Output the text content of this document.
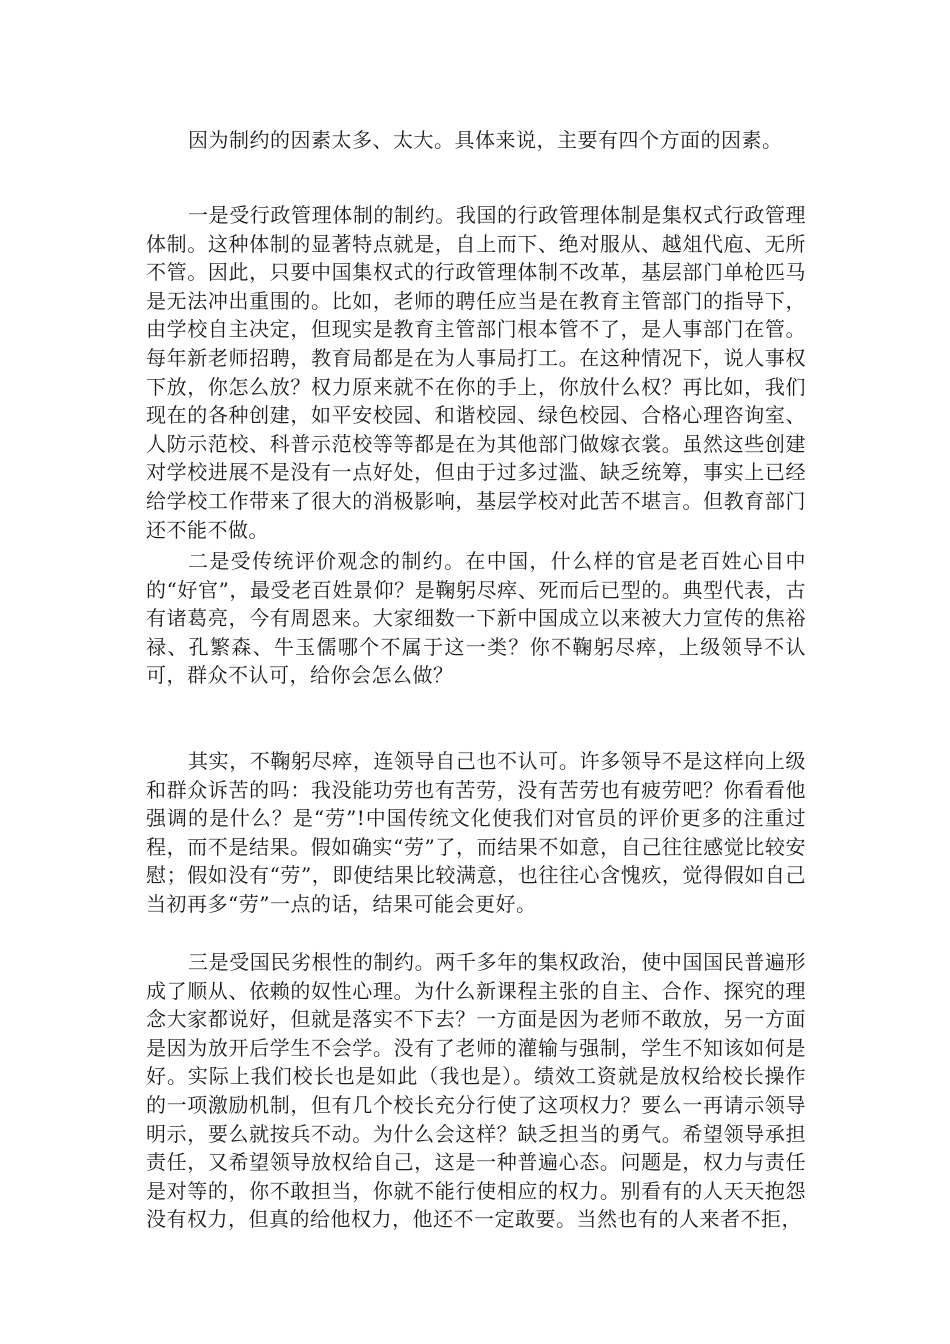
因为制约的因素太多、太大。具体来说，主要有四个方面的因素。

一是受行政管理体制的制约。我国的行政管理体制是集权式行政管理体制。这种体制的显著特点就是，自上而下、绝对服从、越俎代庖、无所不管。因此，只要中国集权式的行政管理体制不改革，基层部门单枪匹马是无法冲出重围的。比如，老师的聘任应当是在教育主管部门的指导下，由学校自主决定，但现实是教育主管部门根本管不了，是人事部门在管。每年新老师招聘，教育局都是在为人事局打工。在这种情况下，说人事权下放，你怎么放？权力原来就不在你的手上，你放什么权？再比如，我们现在的各种创建，如平安校园、和谐校园、绿色校园、合格心理咨询室、人防示范校、科普示范校等等都是在为其他部门做嫁衣裳。虽然这些创建对学校进展不是没有一点好处，但由于过多过滥、缺乏统筹，事实上已经给学校工作带来了很大的消极影响，基层学校对此苦不堪言。但教育部门还不能不做。

二是受传统评价观念的制约。在中国，什么样的官是老百姓心目中的“好官”，最受老百姓景仰？是鞠躬尽瘁、死而后已型的。典型代表，古有诸葛亮，今有周恩来。大家细数一下新中国成立以来被大力宣传的焦裕禄、孔繁森、牛玉儒哪个不属于这一类？你不鞠躬尽瘁，上级领导不认可，群众不认可，给你会怎么做？

其实，不鞠躬尽瘁，连领导自己也不认可。许多领导不是这样向上级和群众诉苦的吗：我没能功劳也有苦劳，没有苦劳也有疲劳吧？你看看他强调的是什么？是“劳”!中国传统文化使我们对官员的评价更多的注重过程，而不是结果。假如确实“劳”了，而结果不如意，自己往往感觉比较安慰；假如没有“劳”，即使结果比较满意，也往往心含愧疚，觉得假如自己当初再多“劳”一点的话，结果可能会更好。

三是受国民劣根性的制约。两千多年的集权政治，使中国国民普遍形成了顺从、依赖的奴性心理。为什么新课程主张的自主、合作、探究的理念大家都说好，但就是落实不下去？一方面是因为老师不敢放，另一方面是因为放开后学生不会学。没有了老师的灌输与强制，学生不知该如何是好。实际上我们校长也是如此（我也是）。绩效工资就是放权给校长操作的一项激励机制，但有几个校长充分行使了这项权力？要么一再请示领导明示，要么就按兵不动。为什么会这样？缺乏担当的勇气。希望领导承担责任，又希望领导放权给自己，这是一种普遍心态。问题是，权力与责任是对等的，你不敢担当，你就不能行使相应的权力。别看有的人天天抱怨没有权力，但真的给他权力，他还不一定敢要。当然也有的人来者不拒，
